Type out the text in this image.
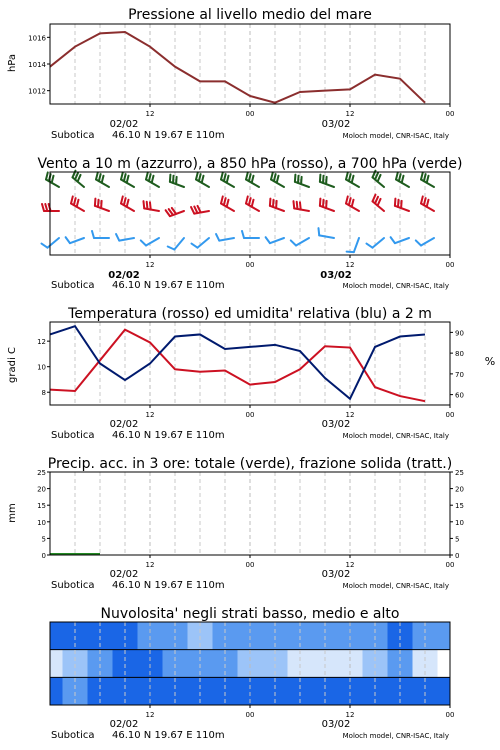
Pressione al livello medio del mare
hPa
1012
1014
1016
12	00	12	00
02/02	03/02
Subotica 46.10 N 19.67 E 110m	Moloch model, CNR-ISAC, Italy
Vento a 10 m (azzurro), a 850 hPa (rosso), a 700 hPa (verde)
12	00	12	00
02/02	03/02
Subotica 46.10 N 19.67 E 110m	Moloch model, CNR-ISAC, Italy
Temperatura (rosso) ed umidita' relativa (blu) a 2 m
gradi C	%
8
10
12
60
70
80
90
12	00	12	00
02/02	03/02
Subotica 46.10 N 19.67 E 110m	Moloch model, CNR-ISAC, Italy
Precip. acc. in 3 ore: totale (verde), frazione solida (tratt.)
mm
0
5
10
15
20
25
0
5
10
15
20
25
12	00	12	00
02/02	03/02
Subotica 46.10 N 19.67 E 110m	Moloch model, CNR-ISAC, Italy
Nuvolosita' negli strati basso, medio e alto
12	00	12	00
02/02	03/02
Subotica 46.10 N 19.67 E 110m	Moloch model, CNR-ISAC, Italy
